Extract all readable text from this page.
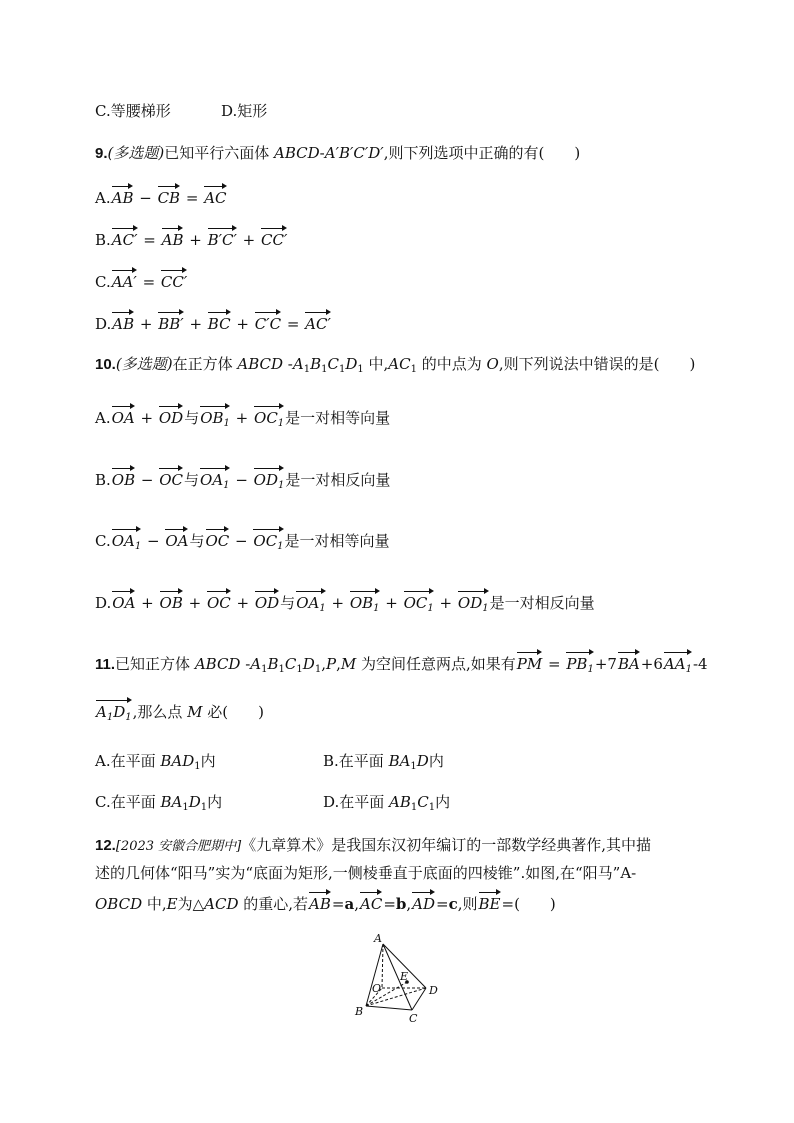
C.等腰梯形	D.矩形
9.(多选题)已知平行六面体 ABCD-A′B′C′D′,则下列选项中正确的有(　　)
A.AB − CB = AC
B.AC′ = AB + B′C′ + CC′
C.AA′ = CC′
D.AB + BB′ + BC + C′C = AC′
10.(多选题)在正方体 ABCD $-A_1B_1C_1D_1$ 中$,AC_1$ 的中点为 O,则下列说法中错误的是(　　)
A.OA + OD与$OB_1 + OC_1$是一对相等向量
B.OB − OC与$OA_1 - OD_1$是一对相反向量
$C.OA_1$ − OA与OC − $OC_1$是一对相等向量
D.OA + OB + OC + OD与$OA_1 + OB_1 + OC_1 + OD_1$是一对相反向量
11.已知正方体 ABCD $-A_1B_1C_1D_1,P,M$ 为空间任意两点,如果有PM = $PB_1+7BA+6AA_1-4$
$A_1D_1$,那么点 M 必(　　)
A.在平面 $BAD_1$内	B.在平面 $BA_1D$内
C.在平面 $BA_1D_1$内	D.在平面 $AB_1C_1$内
12.[2023 安徽合肥期中]《九章算术》是我国东汉初年编订的一部数学经典著作,其中描
述的几何体“阳马”实为“底面为矩形,一侧棱垂直于底面的四棱锥”.如图,在“阳马”A-
OBCD 中,E为△ACD 的重心,若AB=a,AC=b,AD=c,则BE=(　　)
A
E
O	D
B
C
